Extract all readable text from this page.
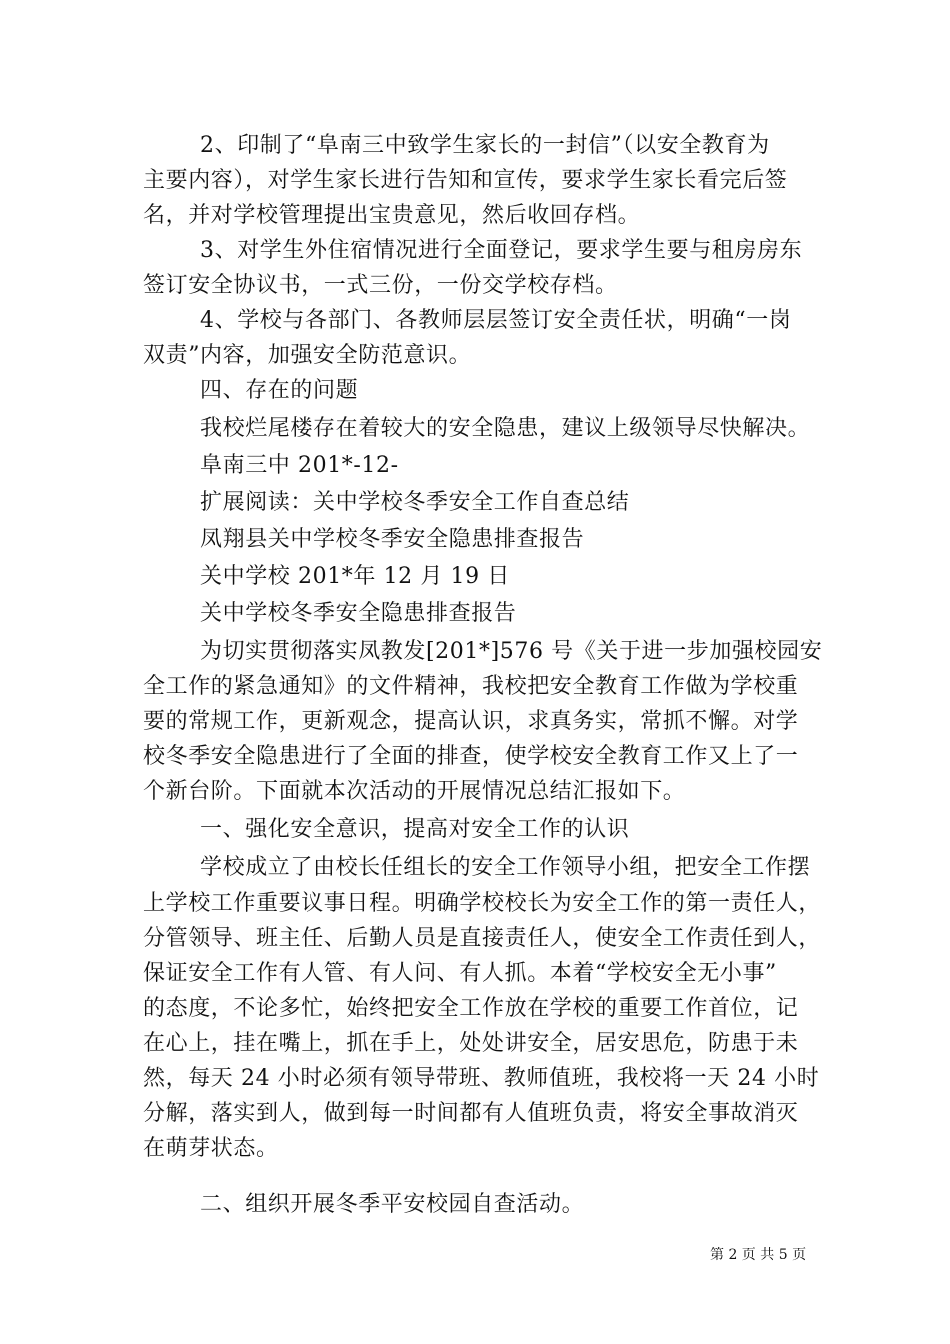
2、印制了“阜南三中致学生家长的一封信”（以安全教育为
主要内容），对学生家长进行告知和宣传，要求学生家长看完后签
名，并对学校管理提出宝贵意见，然后收回存档。
3、对学生外住宿情况进行全面登记，要求学生要与租房房东
签订安全协议书，一式三份，一份交学校存档。
4、学校与各部门、各教师层层签订安全责任状，明确“一岗
双责”内容，加强安全防范意识。
四、存在的问题
我校烂尾楼存在着较大的安全隐患，建议上级领导尽快解决。
阜南三中 201*-12-
扩展阅读：关中学校冬季安全工作自查总结
凤翔县关中学校冬季安全隐患排查报告
关中学校 201*年 12 月 19 日
关中学校冬季安全隐患排查报告
为切实贯彻落实凤教发[201*]576 号《关于进一步加强校园安
全工作的紧急通知》的文件精神，我校把安全教育工作做为学校重
要的常规工作，更新观念，提高认识，求真务实，常抓不懈。对学
校冬季安全隐患进行了全面的排查，使学校安全教育工作又上了一
个新台阶。下面就本次活动的开展情况总结汇报如下。
一、强化安全意识，提高对安全工作的认识
学校成立了由校长任组长的安全工作领导小组，把安全工作摆
上学校工作重要议事日程。明确学校校长为安全工作的第一责任人，
分管领导、班主任、后勤人员是直接责任人，使安全工作责任到人，
保证安全工作有人管、有人问、有人抓。本着“学校安全无小事”
的态度，不论多忙，始终把安全工作放在学校的重要工作首位，记
在心上，挂在嘴上，抓在手上，处处讲安全，居安思危，防患于未
然，每天 24 小时必须有领导带班、教师值班，我校将一天 24 小时
分解，落实到人，做到每一时间都有人值班负责，将安全事故消灭
在萌芽状态。
二、组织开展冬季平安校园自查活动。
第 2 页 共 5 页
